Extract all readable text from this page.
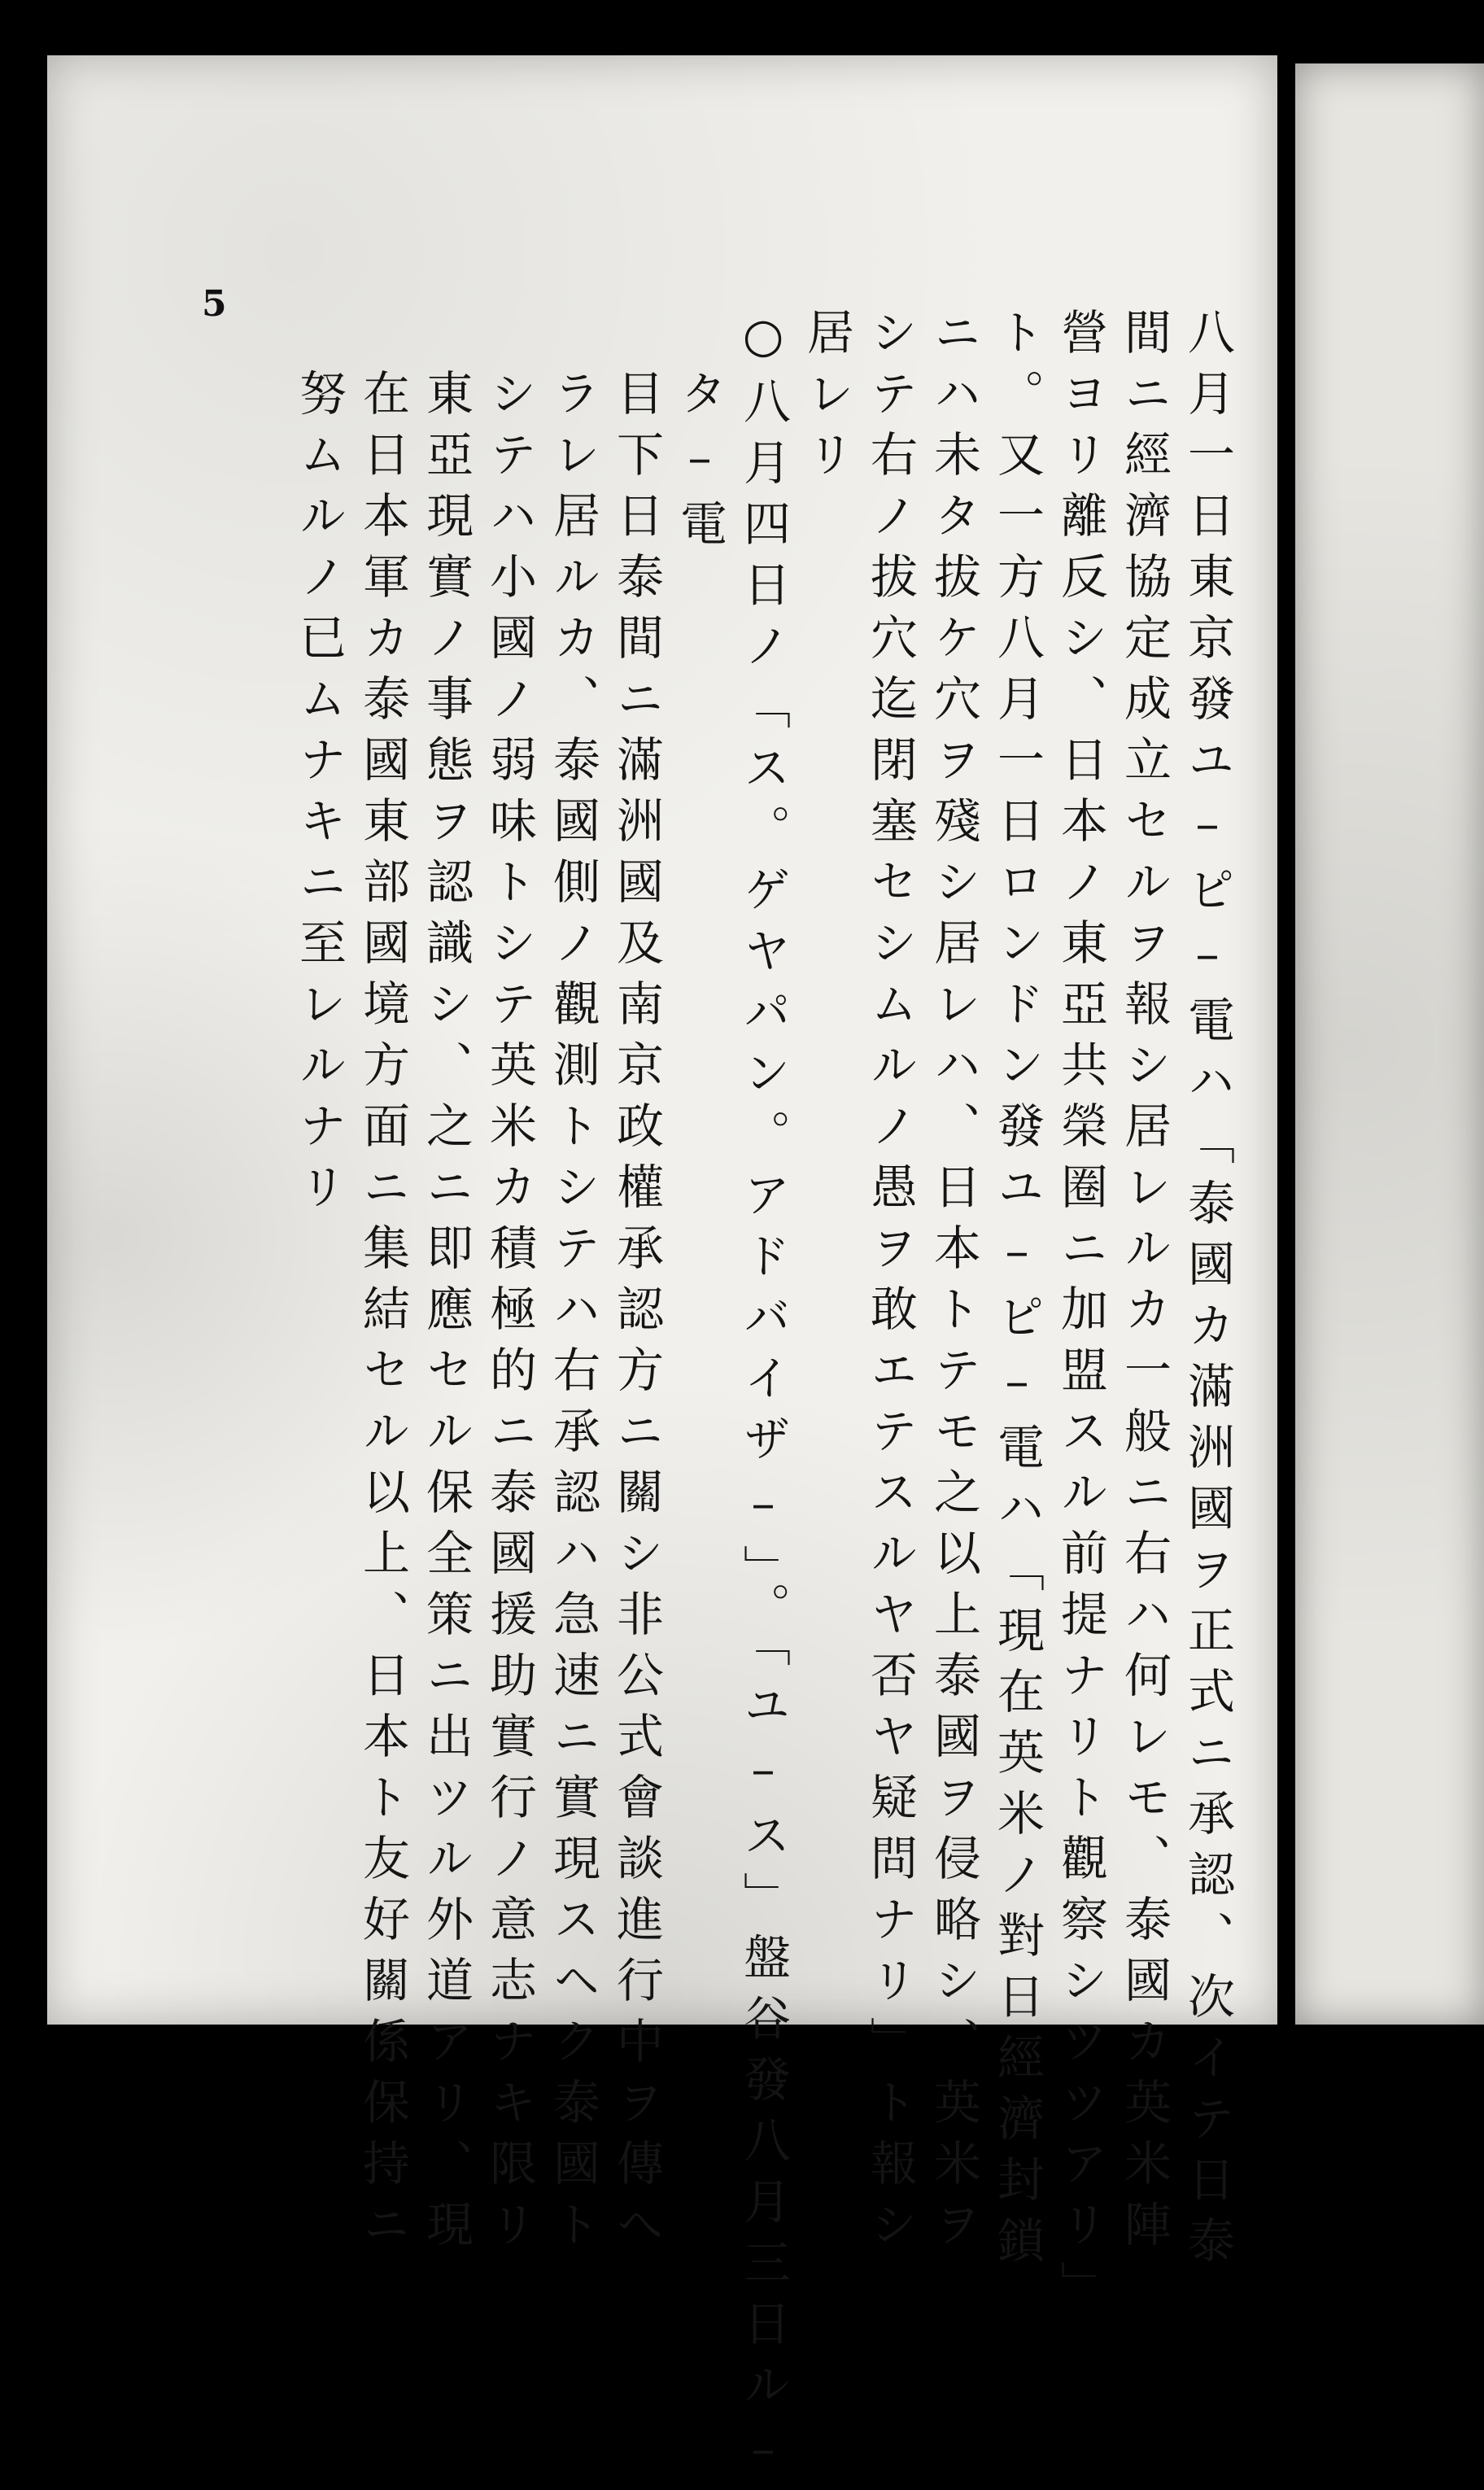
5
八月一日東京發ユ–ピ–電ハ「泰國カ滿洲國ヲ正式ニ承認、次イテ日泰
間ニ經濟協定成立セルヲ報シ居レルカ一般ニ右ハ何レモ、泰國カ英米陣
營ヨリ離反シ、日本ノ東亞共榮圈ニ加盟スル前提ナリト觀察シツツアリ」
ト。又一方八月一日ロンドン發ユ–ピ–電ハ「現在英米ノ對日經濟封鎖
ニハ未タ拔ケ穴ヲ殘シ居レハ、日本トテモ之以上泰國ヲ侵略シ、英米ヲ
シテ右ノ拔穴迄閉塞セシムルノ愚ヲ敢エテスルヤ否ヤ疑問ナリ」ト報シ
居レリ
○八月四日ノ「ス。ゲヤパン。アドバイザ–」。「ユ–ス」盤谷發八月三日ル–
タ–電
目下日泰間ニ滿洲國及南京政權承認方ニ關シ非公式會談進行中ヲ傳へ
ラレ居ルカ、泰國側ノ觀測トシテハ右承認ハ急速ニ實現スヘク泰國ト
シテハ小國ノ弱味トシテ英米カ積極的ニ泰國援助實行ノ意志ナキ限リ
東亞現實ノ事態ヲ認識シ、之ニ即應セル保全策ニ出ツル外道アリ、現
在日本軍カ泰國東部國境方面ニ集結セル以上、日本ト友好關係保持ニ
努ムルノ已ムナキニ至レルナリ
